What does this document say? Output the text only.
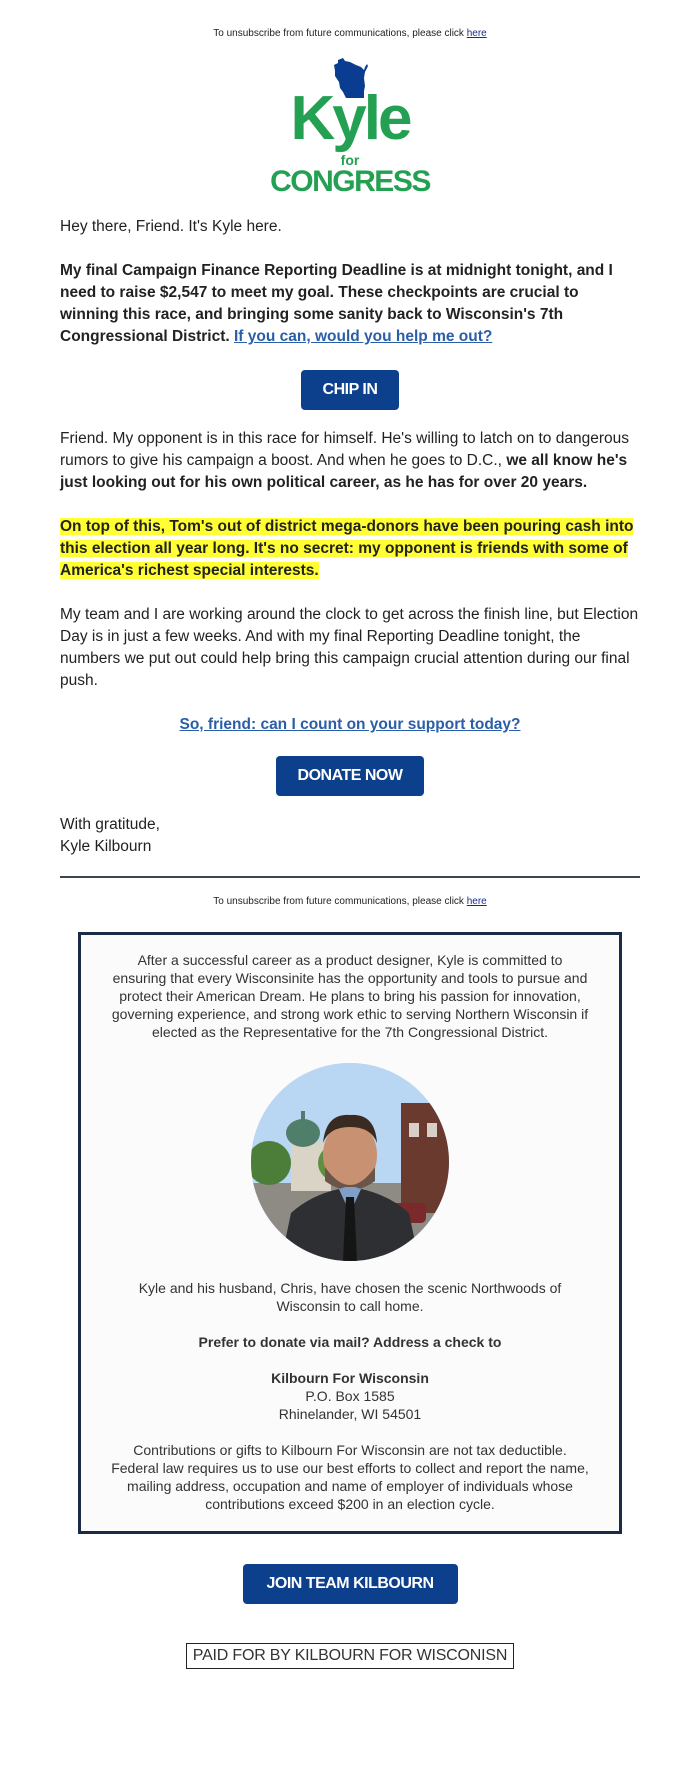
To unsubscribe from future communications, please click here
Kyle
for
CONGRESS

Hey there, Friend. It's Kyle here.

My final Campaign Finance Reporting Deadline is at midnight tonight, and I need to raise $2,547 to meet my goal. These checkpoints are crucial to winning this race, and bringing some sanity back to Wisconsin's 7th Congressional District. If you can, would you help me out?

CHIP IN

Friend. My opponent is in this race for himself. He's willing to latch on to dangerous rumors to give his campaign a boost. And when he goes to D.C., we all know he's just looking out for his own political career, as he has for over 20 years.

On top of this, Tom's out of district mega-donors have been pouring cash into this election all year long. It's no secret: my opponent is friends with some of America's richest special interests.

My team and I are working around the clock to get across the finish line, but Election Day is in just a few weeks. And with my final Reporting Deadline tonight, the numbers we put out could help bring this campaign crucial attention during our final push.

So, friend: can I count on your support today?

DONATE NOW

With gratitude,
Kyle Kilbourn

To unsubscribe from future communications, please click here

After a successful career as a product designer, Kyle is committed to ensuring that every Wisconsinite has the opportunity and tools to pursue and protect their American Dream. He plans to bring his passion for innovation, governing experience, and strong work ethic to serving Northern Wisconsin if elected as the Representative for the 7th Congressional District.

Kyle and his husband, Chris, have chosen the scenic Northwoods of Wisconsin to call home.

Prefer to donate via mail? Address a check to

Kilbourn For Wisconsin
P.O. Box 1585
Rhinelander, WI 54501

Contributions or gifts to Kilbourn For Wisconsin are not tax deductible. Federal law requires us to use our best efforts to collect and report the name, mailing address, occupation and name of employer of individuals whose contributions exceed $200 in an election cycle.

JOIN TEAM KILBOURN
PAID FOR BY KILBOURN FOR WISCONISN
